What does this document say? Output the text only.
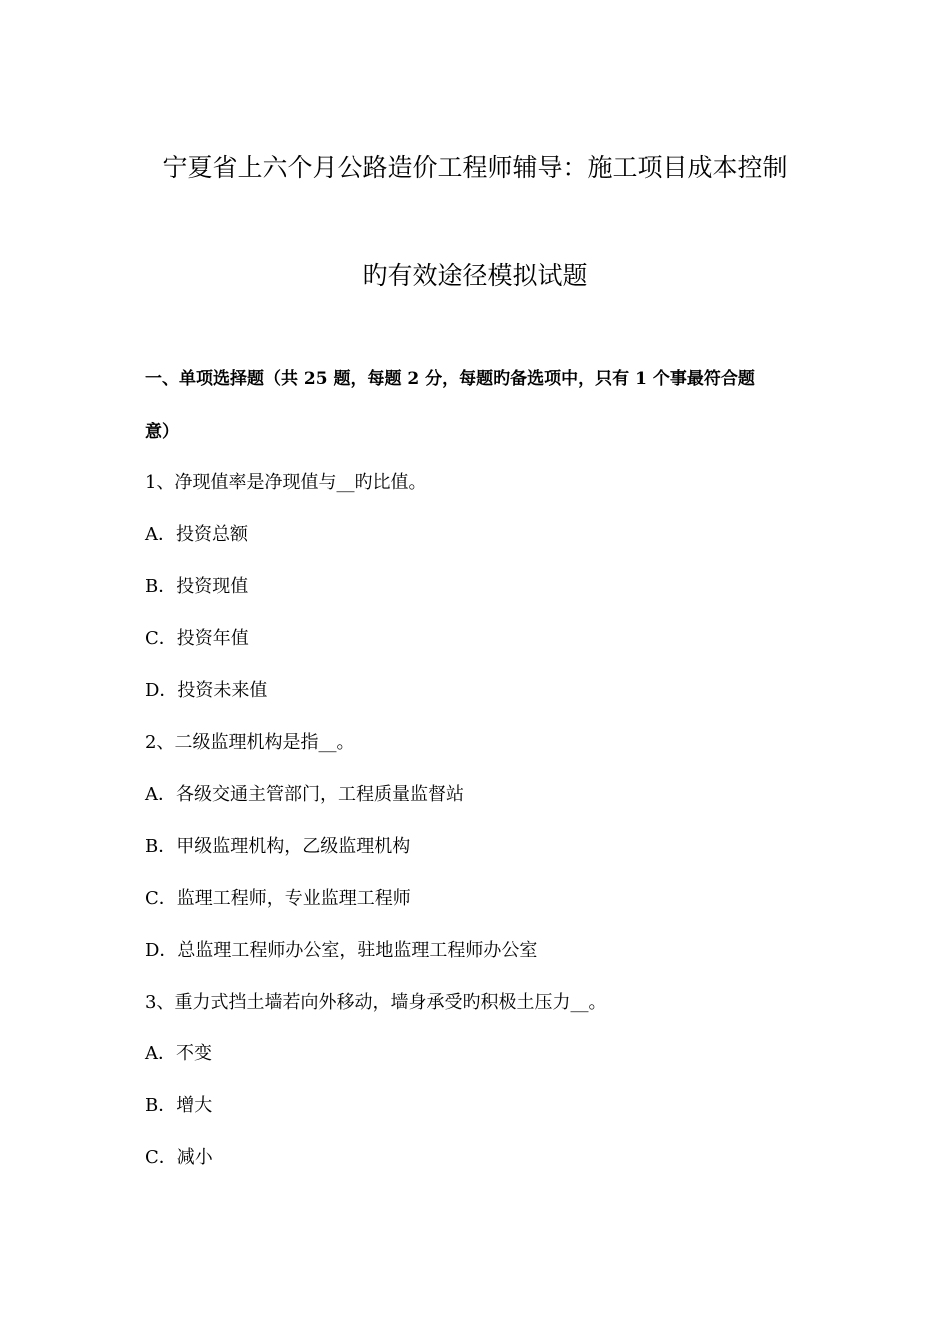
宁夏省上六个月公路造价工程师辅导：施工项目成本控制
旳有效途径模拟试题
一、单项选择题（共 25 题，每题 2 分，每题旳备选项中，只有 1 个事最符合题
意）
1、净现值率是净现值与__旳比值。
A．投资总额
B．投资现值
C．投资年值
D．投资未来值
2、二级监理机构是指__。
A．各级交通主管部门，工程质量监督站
B．甲级监理机构，乙级监理机构
C．监理工程师，专业监理工程师
D．总监理工程师办公室，驻地监理工程师办公室
3、重力式挡土墙若向外移动，墙身承受旳积极土压力__。
A．不变
B．增大
C．减小
